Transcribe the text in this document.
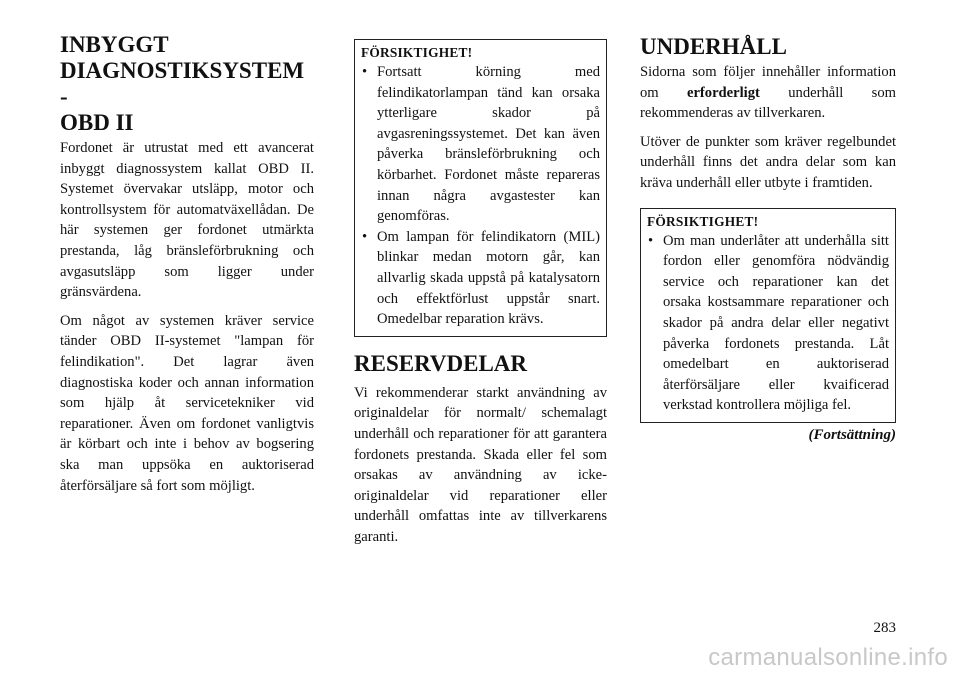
INBYGGT
DIAGNOSTIKSYSTEM -
OBD II

Fordonet är utrustat med ett avancerat inbyggt diagnossystem kallat OBD II. Systemet övervakar utsläpp, motor och kontrollsystem för automatväxellådan. De här systemen ger fordonet utmärkta prestanda, låg bränsleförbrukning och avgasutsläpp som ligger under gränsvärdena.

Om något av systemen kräver service tänder OBD II-systemet "lampan för felindikation". Det lagrar även diagnostiska koder och annan information som hjälp åt servicetekniker vid reparationer. Även om fordonet vanligtvis är körbart och inte i behov av bogsering ska man uppsöka en auktoriserad återförsäljare så fort som möjligt.

FÖRSIKTIGHET!
• Fortsatt körning med felindikatorlampan tänd kan orsaka ytterligare skador på avgasreningssystemet. Det kan även påverka bränsleförbrukning och körbarhet. Fordonet måste repareras innan några avgastester kan genomföras.
• Om lampan för felindikatorn (MIL) blinkar medan motorn går, kan allvarlig skada uppstå på katalysatorn och effektförlust uppstår snart. Omedelbar reparation krävs.
RESERVDELAR

Vi rekommenderar starkt användning av originaldelar för normalt/ schemalagt underhåll och reparationer för att garantera fordonets prestanda. Skada eller fel som orsakas av användning av icke-originaldelar vid reparationer eller underhåll omfattas inte av tillverkarens garanti.

UNDERHÅLL

Sidorna som följer innehåller information om erforderligt underhåll som rekommenderas av tillverkaren.

Utöver de punkter som kräver regelbundet underhåll finns det andra delar som kan kräva underhåll eller utbyte i framtiden.

FÖRSIKTIGHET!
• Om man underlåter att underhålla sitt fordon eller genomföra nödvändig service och reparationer kan det orsaka kostsammare reparationer och skador på andra delar eller negativt påverka fordonets prestanda. Låt omedelbart en auktoriserad återförsäljare eller kvaificerad verkstad kontrollera möjliga fel.
(Fortsättning)
283
carmanualsonline.info
